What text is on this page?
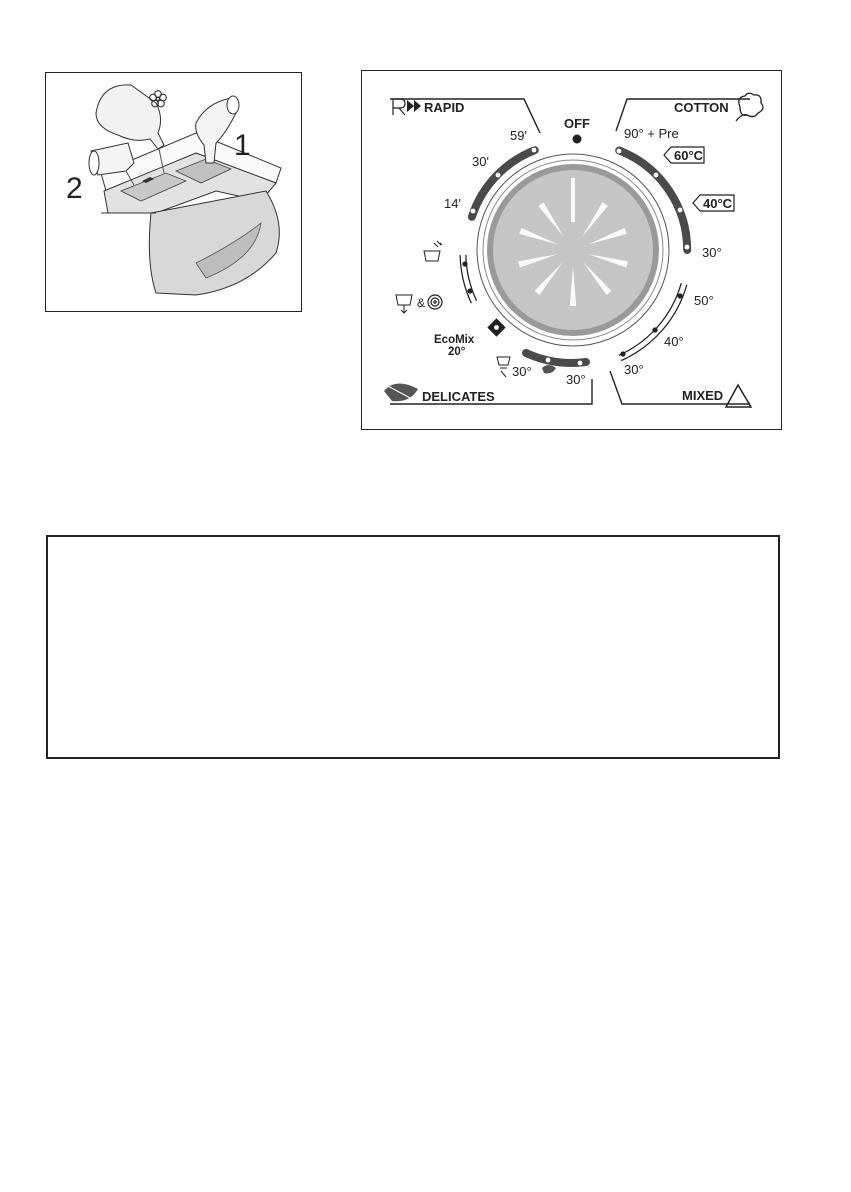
1
2
OFF
RAPID
59'
30'
14'
COTTON
90° + Pre
60°C
40°C
30°
50°
40°
30°
MIXED
DELICATES
30°
30°
EcoMix
20°
&
